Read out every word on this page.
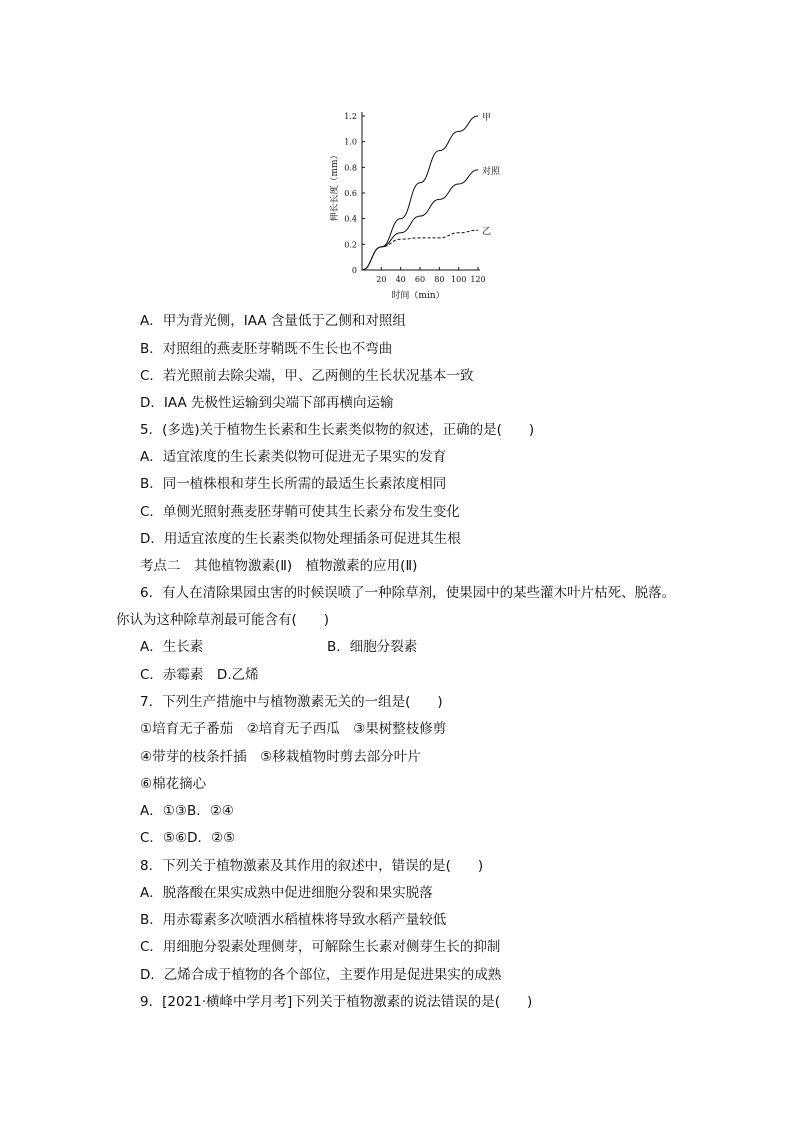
0
0.2
0.4
0.6
0.8
1.0
1.2
20 40 60 80 100 120
甲
对照
乙
伸长长度（mm）
时间（min）
A．甲为背光侧，IAA 含量低于乙侧和对照组
B．对照组的燕麦胚芽鞘既不生长也不弯曲
C．若光照前去除尖端，甲、乙两侧的生长状况基本一致
D．IAA 先极性运输到尖端下部再横向运输
5．(多选)关于植物生长素和生长素类似物的叙述，正确的是(　　)
A．适宜浓度的生长素类似物可促进无子果实的发育
B．同一植株根和芽生长所需的最适生长素浓度相同
C．单侧光照射燕麦胚芽鞘可使其生长素分布发生变化
D．用适宜浓度的生长素类似物处理插条可促进其生根
考点二　其他植物激素(Ⅱ)　植物激素的应用(Ⅱ)
6．有人在清除果园虫害的时候误喷了一种除草剂，使果园中的某些灌木叶片枯死、脱落。
你认为这种除草剂最可能含有(　　)
A．生长素	B．细胞分裂素
C．赤霉素　D.乙烯
7．下列生产措施中与植物激素无关的一组是(　　)
①培育无子番茄　②培育无子西瓜　③果树整枝修剪
④带芽的枝条扦插　⑤移栽植物时剪去部分叶片
⑥棉花摘心
A．①③B．②④
C．⑤⑥D．②⑤
8．下列关于植物激素及其作用的叙述中，错误的是(　　)
A．脱落酸在果实成熟中促进细胞分裂和果实脱落
B．用赤霉素多次喷洒水稻植株将导致水稻产量较低
C．用细胞分裂素处理侧芽，可解除生长素对侧芽生长的抑制
D．乙烯合成于植物的各个部位，主要作用是促进果实的成熟
9．[2021·横峰中学月考]下列关于植物激素的说法错误的是(　　)
